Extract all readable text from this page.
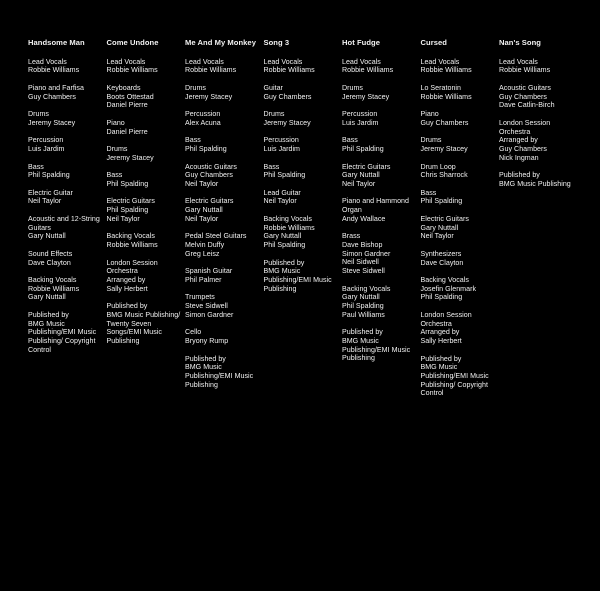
Handsome Man
Lead Vocals
Robbie Williams
Piano and Farfisa
Guy Chambers
Drums
Jeremy Stacey
Percussion
Luis Jardim
Bass
Phil Spalding
Electric Guitar
Neil Taylor
Acoustic and 12-String Guitars
Gary Nuttall
Sound Effects
Dave Clayton
Backing Vocals
Robbie Williams
Gary Nuttall
Published by
BMG Music Publishing/EMI Music Publishing/ Copyright Control
Come Undone
Lead Vocals
Robbie Williams
Keyboards
Boots Ottestad
Daniel Pierre
Piano
Daniel Pierre
Drums
Jeremy Stacey
Bass
Phil Spalding
Electric Guitars
Phil Spalding
Neil Taylor
Backing Vocals
Robbie Williams
London Session Orchestra
Arranged by
Sally Herbert
Published by
BMG Music Publishing/ Twenty Seven Songs/EMI Music Publishing
Me And My Monkey
Lead Vocals
Robbie Williams
Drums
Jeremy Stacey
Percussion
Alex Acuna
Bass
Phil Spalding
Acoustic Guitars
Guy Chambers
Neil Taylor
Electric Guitars
Gary Nuttall
Neil Taylor
Pedal Steel Guitars
Melvin Duffy
Greg Leisz
Spanish Guitar
Phil Palmer
Trumpets
Steve Sidwell
Simon Gardner
Cello
Bryony Rump
Published by
BMG Music Publishing/EMI Music Publishing
Song 3
Lead Vocals
Robbie Williams
Guitar
Guy Chambers
Drums
Jeremy Stacey
Percussion
Luis Jardim
Bass
Phil Spalding
Lead Guitar
Neil Taylor
Backing Vocals
Robbie Williams
Gary Nuttall
Phil Spalding
Published by
BMG Music Publishing/EMI Music Publishing
Hot Fudge
Lead Vocals
Robbie Williams
Drums
Jeremy Stacey
Percussion
Luis Jardim
Bass
Phil Spalding
Electric Guitars
Gary Nuttall
Neil Taylor
Piano and Hammond Organ
Andy Wallace
Brass
Dave Bishop
Simon Gardner
Neil Sidwell
Steve Sidwell
Backing Vocals
Gary Nuttall
Phil Spalding
Paul Williams
Published by
BMG Music Publishing/EMI Music Publishing
Cursed
Lead Vocals
Robbie Williams
Lo Seratonin
Robbie Williams
Piano
Guy Chambers
Drums
Jeremy Stacey
Drum Loop
Chris Sharrock
Bass
Phil Spalding
Electric Guitars
Gary Nuttall
Neil Taylor
Synthesizers
Dave Clayton
Backing Vocals
Josefin Glenmark
Phil Spalding
London Session Orchestra
Arranged by
Sally Herbert
Published by
BMG Music Publishing/EMI Music Publishing/ Copyright Control
Nan's Song
Lead Vocals
Robbie Williams
Acoustic Guitars
Guy Chambers
Dave Catlin-Birch
London Session Orchestra
Arranged by
Guy Chambers
Nick Ingman
Published by
BMG Music Publishing
